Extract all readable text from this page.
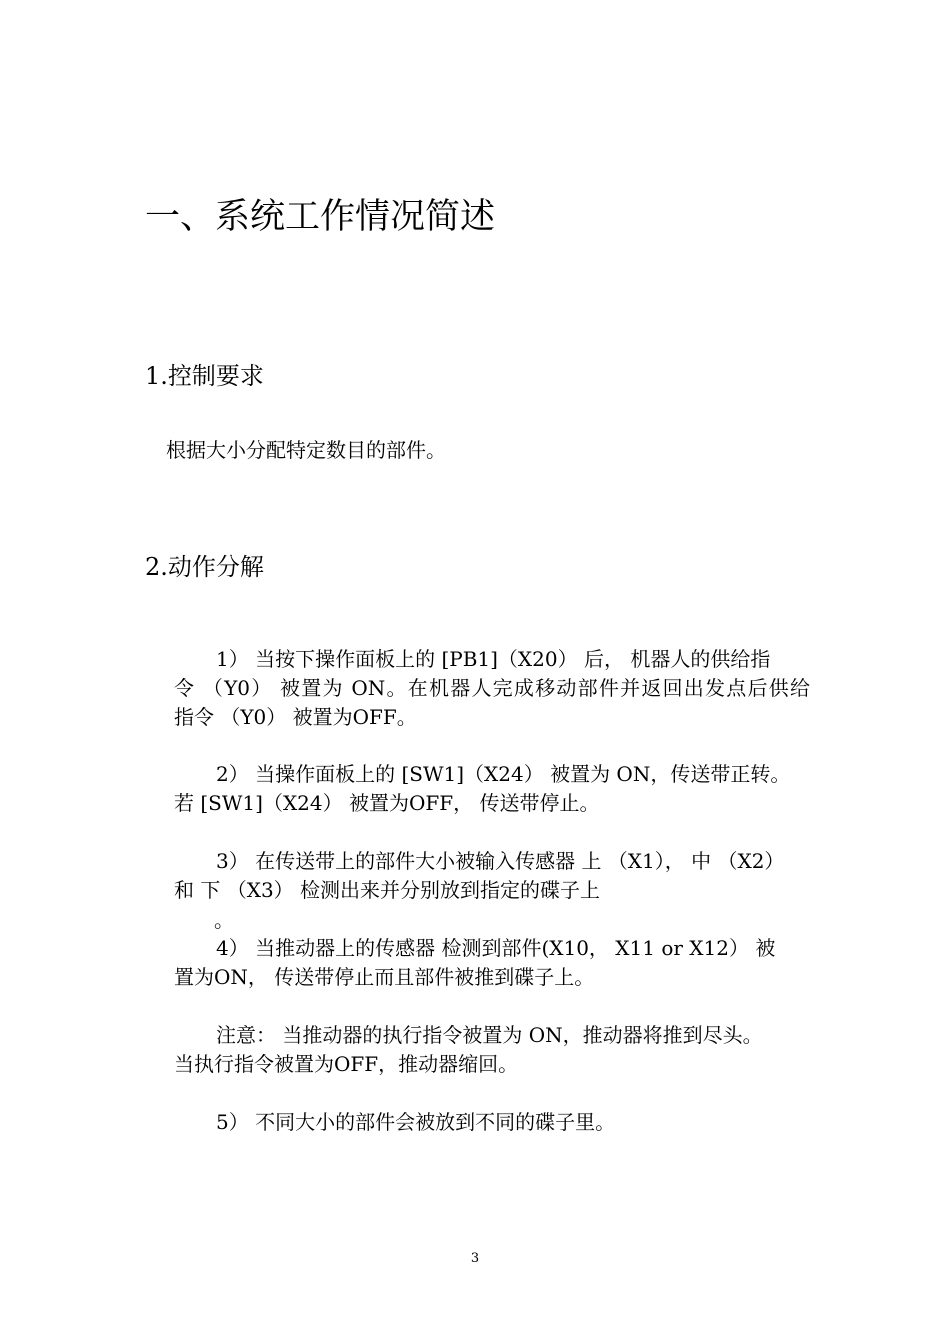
一、系统工作情况简述
1.控制要求
根据大小分配特定数目的部件。
2.动作分解
1） 当按下操作面板上的 [PB1]（X20） 后， 机器人的供给指
令 （Y0） 被置为 ON。在机器人完成移动部件并返回出发点后供给
指令 （Y0） 被置为OFF。
2） 当操作面板上的 [SW1]（X24） 被置为 ON，传送带正转。
若 [SW1]（X24） 被置为OFF， 传送带停止。
3） 在传送带上的部件大小被输入传感器 上 （X1）， 中 （X2）
和 下 （X3） 检测出来并分别放到指定的碟子上
。
4） 当推动器上的传感器 检测到部件(X10， X11 or X12） 被
置为ON， 传送带停止而且部件被推到碟子上。
注意： 当推动器的执行指令被置为 ON，推动器将推到尽头。
当执行指令被置为OFF，推动器缩回。
5） 不同大小的部件会被放到不同的碟子里。
3
